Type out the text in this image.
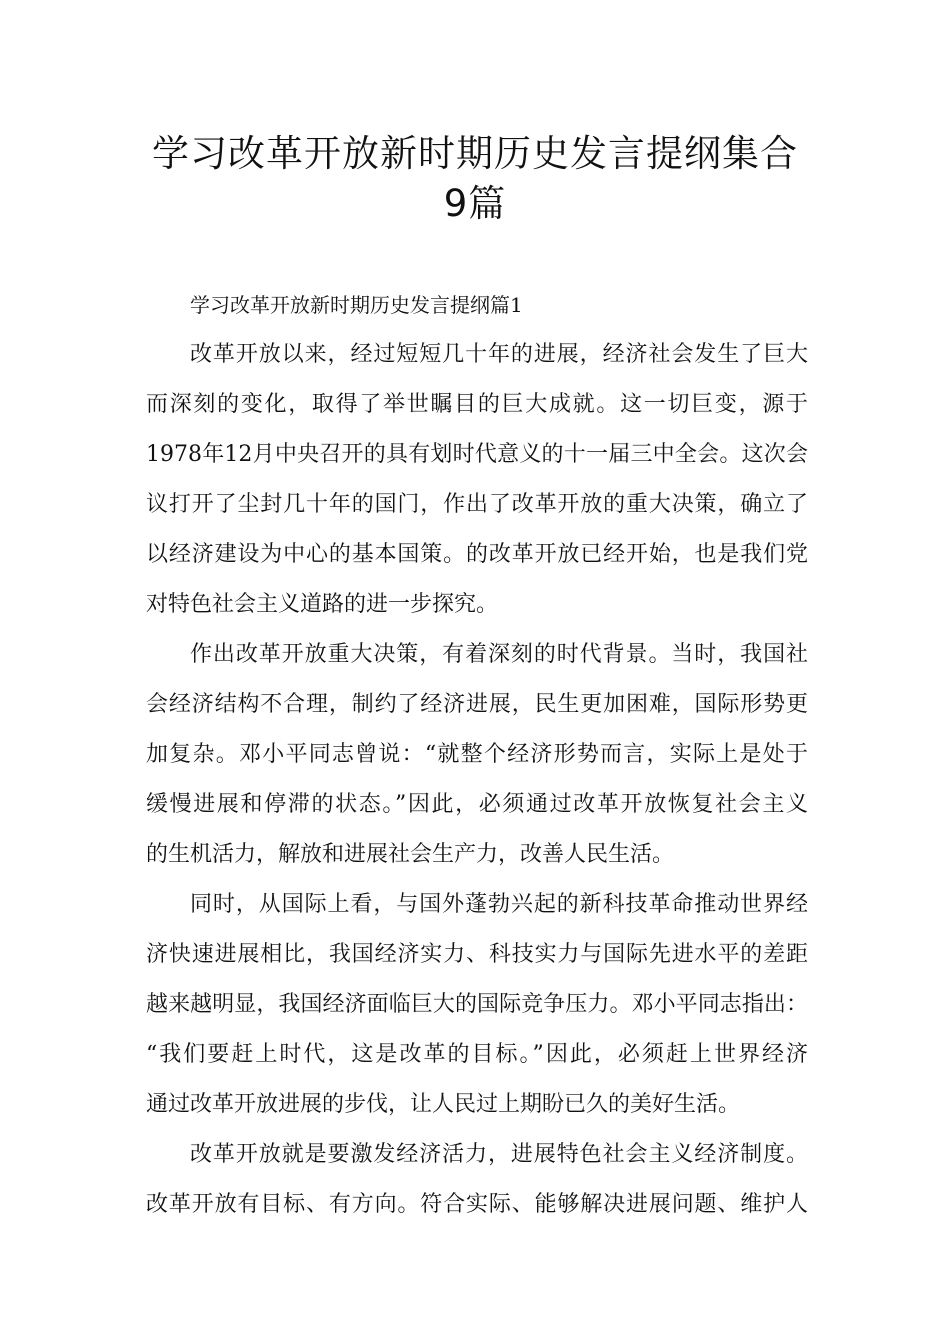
学习改革开放新时期历史发言提纲集合
9篇
学习改革开放新时期历史发言提纲篇1
改革开放以来，经过短短几十年的进展，经济社会发生了巨大
而深刻的变化，取得了举世瞩目的巨大成就。这一切巨变，源于
1978年12月中央召开的具有划时代意义的十一届三中全会。这次会
议打开了尘封几十年的国门，作出了改革开放的重大决策，确立了
以经济建设为中心的基本国策。的改革开放已经开始，也是我们党
对特色社会主义道路的进一步探究。
作出改革开放重大决策，有着深刻的时代背景。当时，我国社
会经济结构不合理，制约了经济进展，民生更加困难，国际形势更
加复杂。邓小平同志曾说：“就整个经济形势而言，实际上是处于
缓慢进展和停滞的状态。”因此，必须通过改革开放恢复社会主义
的生机活力，解放和进展社会生产力，改善人民生活。
同时，从国际上看，与国外蓬勃兴起的新科技革命推动世界经
济快速进展相比，我国经济实力、科技实力与国际先进水平的差距
越来越明显，我国经济面临巨大的国际竞争压力。邓小平同志指出：
“我们要赶上时代，这是改革的目标。”因此，必须赶上世界经济
通过改革开放进展的步伐，让人民过上期盼已久的美好生活。
改革开放就是要激发经济活力，进展特色社会主义经济制度。
改革开放有目标、有方向。符合实际、能够解决进展问题、维护人
